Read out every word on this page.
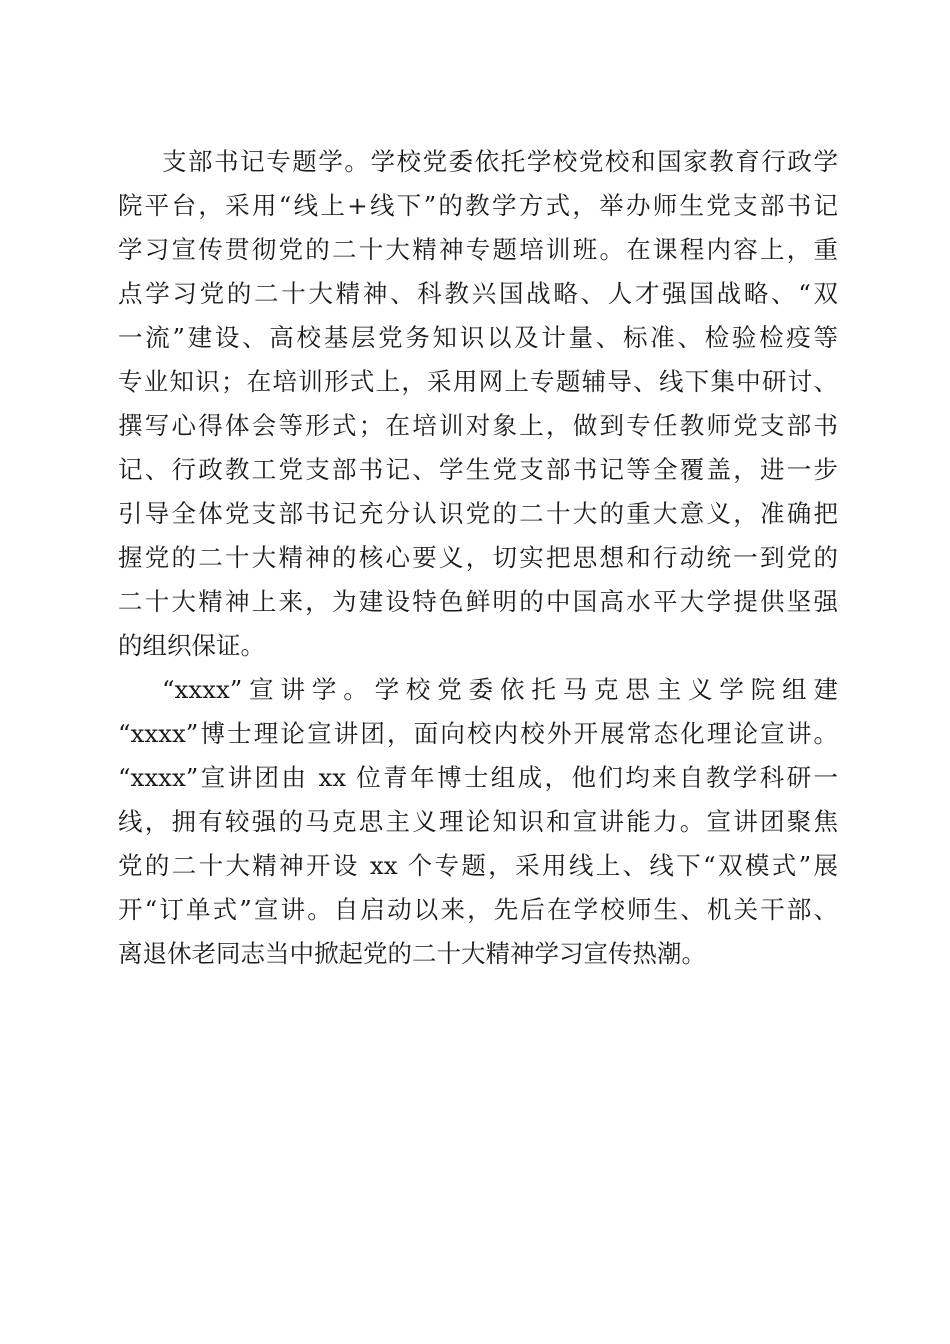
支部书记专题学。学校党委依托学校党校和国家教育行政学
院平台，采用“线上+线下”的教学方式，举办师生党支部书记
学习宣传贯彻党的二十大精神专题培训班。在课程内容上，重
点学习党的二十大精神、科教兴国战略、人才强国战略、“双
一流”建设、高校基层党务知识以及计量、标准、检验检疫等
专业知识；在培训形式上，采用网上专题辅导、线下集中研讨、
撰写心得体会等形式；在培训对象上，做到专任教师党支部书
记、行政教工党支部书记、学生党支部书记等全覆盖，进一步
引导全体党支部书记充分认识党的二十大的重大意义，准确把
握党的二十大精神的核心要义，切实把思想和行动统一到党的
二十大精神上来，为建设特色鲜明的中国高水平大学提供坚强
的组织保证。
“xxxx”宣讲学。学校党委依托马克思主义学院组建
“xxxx”博士理论宣讲团，面向校内校外开展常态化理论宣讲。
“xxxx”宣讲团由 xx 位青年博士组成，他们均来自教学科研一
线，拥有较强的马克思主义理论知识和宣讲能力。宣讲团聚焦
党的二十大精神开设 xx 个专题，采用线上、线下“双模式”展
开“订单式”宣讲。自启动以来，先后在学校师生、机关干部、
离退休老同志当中掀起党的二十大精神学习宣传热潮。
